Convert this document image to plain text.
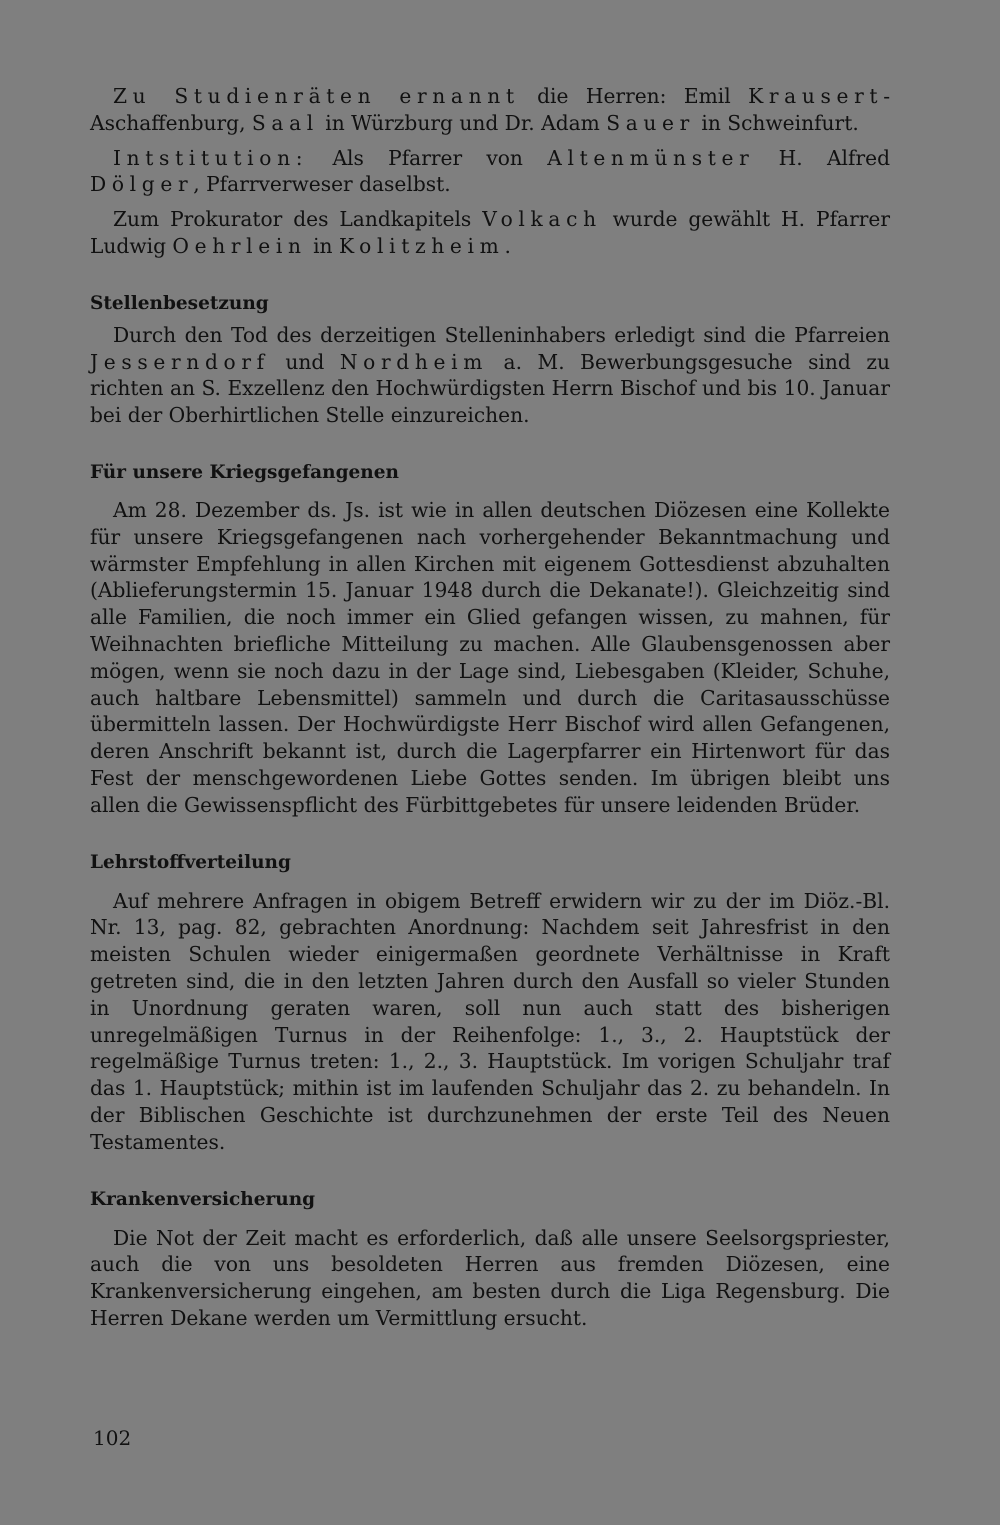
Zu Studienräten ernannt die Herren: Emil Krausert-Aschaffenburg, Saal in Würzburg und Dr. Adam Sauer in Schweinfurt.

Intstitution: Als Pfarrer von Altenmünster H. Alfred Dölger, Pfarrverweser daselbst.

Zum Prokurator des Landkapitels Volkach wurde gewählt H. Pfarrer Ludwig Oehrlein in Kolitzheim.

Stellenbesetzung

Durch den Tod des derzeitigen Stelleninhabers erledigt sind die Pfarreien Jesserndorf und Nordheim a. M. Bewerbungsgesuche sind zu richten an S. Exzellenz den Hochwürdigsten Herrn Bischof und bis 10. Januar bei der Oberhirtlichen Stelle einzureichen.

Für unsere Kriegsgefangenen

Am 28. Dezember ds. Js. ist wie in allen deutschen Diözesen eine Kollekte für unsere Kriegsgefangenen nach vorhergehender Bekanntmachung und wärmster Empfehlung in allen Kirchen mit eigenem Gottesdienst abzuhalten (Ablieferungstermin 15. Januar 1948 durch die Dekanate!). Gleichzeitig sind alle Familien, die noch immer ein Glied gefangen wissen, zu mahnen, für Weihnachten briefliche Mitteilung zu machen. Alle Glaubensgenossen aber mögen, wenn sie noch dazu in der Lage sind, Liebesgaben (Kleider, Schuhe, auch haltbare Lebensmittel) sammeln und durch die Caritasausschüsse übermitteln lassen. Der Hochwürdigste Herr Bischof wird allen Gefangenen, deren Anschrift bekannt ist, durch die Lagerpfarrer ein Hirtenwort für das Fest der menschgewordenen Liebe Gottes senden. Im übrigen bleibt uns allen die Gewissenspflicht des Fürbittgebetes für unsere leidenden Brüder.

Lehrstoffverteilung

Auf mehrere Anfragen in obigem Betreff erwidern wir zu der im Diöz.-Bl. Nr. 13, pag. 82, gebrachten Anordnung: Nachdem seit Jahresfrist in den meisten Schulen wieder einigermaßen geordnete Verhältnisse in Kraft getreten sind, die in den letzten Jahren durch den Ausfall so vieler Stunden in Unordnung geraten waren, soll nun auch statt des bisherigen unregelmäßigen Turnus in der Reihenfolge: 1., 3., 2. Hauptstück der regelmäßige Turnus treten: 1., 2., 3. Hauptstück. Im vorigen Schuljahr traf das 1. Hauptstück; mithin ist im laufenden Schuljahr das 2. zu behandeln. In der Biblischen Geschichte ist durchzunehmen der erste Teil des Neuen Testamentes.

Krankenversicherung

Die Not der Zeit macht es erforderlich, daß alle unsere Seelsorgspriester, auch die von uns besoldeten Herren aus fremden Diözesen, eine Krankenversicherung eingehen, am besten durch die Liga Regensburg. Die Herren Dekane werden um Vermittlung ersucht.

102
